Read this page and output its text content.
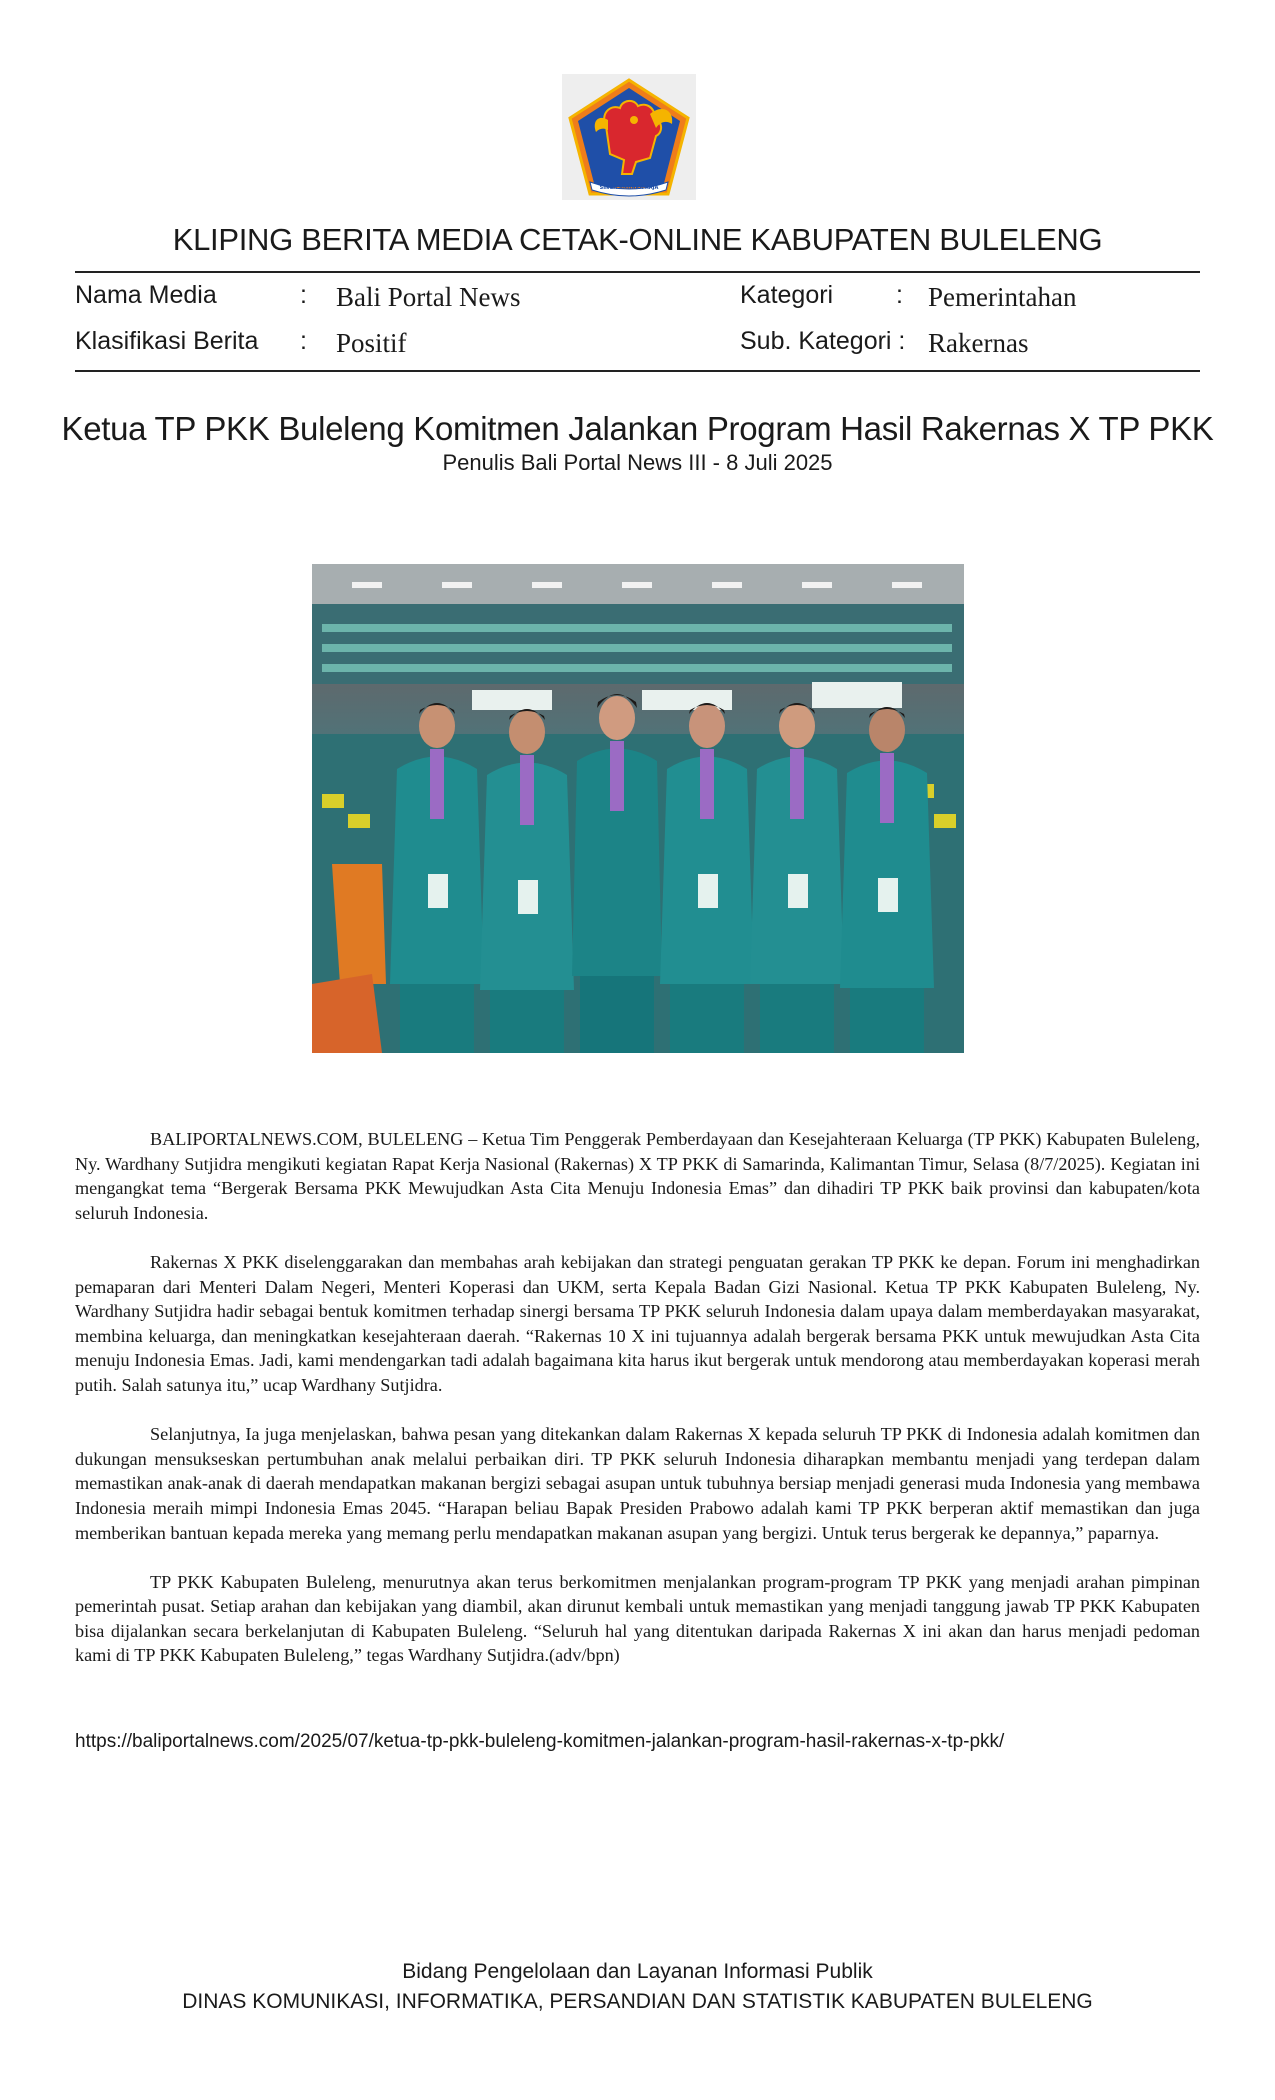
SINGA AMBARA RAJA
KLIPING BERITA MEDIA CETAK-ONLINE KABUPATEN BULELENG
Nama Media	: Bali Portal News	Kategori	: Pemerintahan
Klasifikasi Berita : Positif	Sub. Kategori : Rakernas
Ketua TP PKK Buleleng Komitmen Jalankan Program Hasil Rakernas X TP PKK
Penulis Bali Portal News III - 8 Juli 2025

BALIPORTALNEWS.COM, BULELENG – Ketua Tim Penggerak Pemberdayaan dan Kesejahteraan Keluarga (TP PKK) Kabupaten Buleleng, Ny. Wardhany Sutjidra mengikuti kegiatan Rapat Kerja Nasional (Rakernas) X TP PKK di Samarinda, Kalimantan Timur, Selasa (8/7/2025). Kegiatan ini mengangkat tema “Bergerak Bersama PKK Mewujudkan Asta Cita Menuju Indonesia Emas” dan dihadiri TP PKK baik provinsi dan kabupaten/kota seluruh Indonesia.

Rakernas X PKK diselenggarakan dan membahas arah kebijakan dan strategi penguatan gerakan TP PKK ke depan. Forum ini menghadirkan pemaparan dari Menteri Dalam Negeri, Menteri Koperasi dan UKM, serta Kepala Badan Gizi Nasional. Ketua TP PKK Kabupaten Buleleng, Ny. Wardhany Sutjidra hadir sebagai bentuk komitmen terhadap sinergi bersama TP PKK seluruh Indonesia dalam upaya dalam memberdayakan masyarakat, membina keluarga, dan meningkatkan kesejahteraan daerah. “Rakernas 10 X ini tujuannya adalah bergerak bersama PKK untuk mewujudkan Asta Cita menuju Indonesia Emas. Jadi, kami mendengarkan tadi adalah bagaimana kita harus ikut bergerak untuk mendorong atau memberdayakan koperasi merah putih. Salah satunya itu,” ucap Wardhany Sutjidra.

Selanjutnya, Ia juga menjelaskan, bahwa pesan yang ditekankan dalam Rakernas X kepada seluruh TP PKK di Indonesia adalah komitmen dan dukungan mensukseskan pertumbuhan anak melalui perbaikan diri. TP PKK seluruh Indonesia diharapkan membantu menjadi yang terdepan dalam memastikan anak-anak di daerah mendapatkan makanan bergizi sebagai asupan untuk tubuhnya bersiap menjadi generasi muda Indonesia yang membawa Indonesia meraih mimpi Indonesia Emas 2045. “Harapan beliau Bapak Presiden Prabowo adalah kami TP PKK berperan aktif memastikan dan juga memberikan bantuan kepada mereka yang memang perlu mendapatkan makanan asupan yang bergizi. Untuk terus bergerak ke depannya,” paparnya.

TP PKK Kabupaten Buleleng, menurutnya akan terus berkomitmen menjalankan program-program TP PKK yang menjadi arahan pimpinan pemerintah pusat. Setiap arahan dan kebijakan yang diambil, akan dirunut kembali untuk memastikan yang menjadi tanggung jawab TP PKK Kabupaten bisa dijalankan secara berkelanjutan di Kabupaten Buleleng. “Seluruh hal yang ditentukan daripada Rakernas X ini akan dan harus menjadi pedoman kami di TP PKK Kabupaten Buleleng,” tegas Wardhany Sutjidra.(adv/bpn)

https://baliportalnews.com/2025/07/ketua-tp-pkk-buleleng-komitmen-jalankan-program-hasil-rakernas-x-tp-pkk/
Bidang Pengelolaan dan Layanan Informasi Publik
DINAS KOMUNIKASI, INFORMATIKA, PERSANDIAN DAN STATISTIK KABUPATEN BULELENG
